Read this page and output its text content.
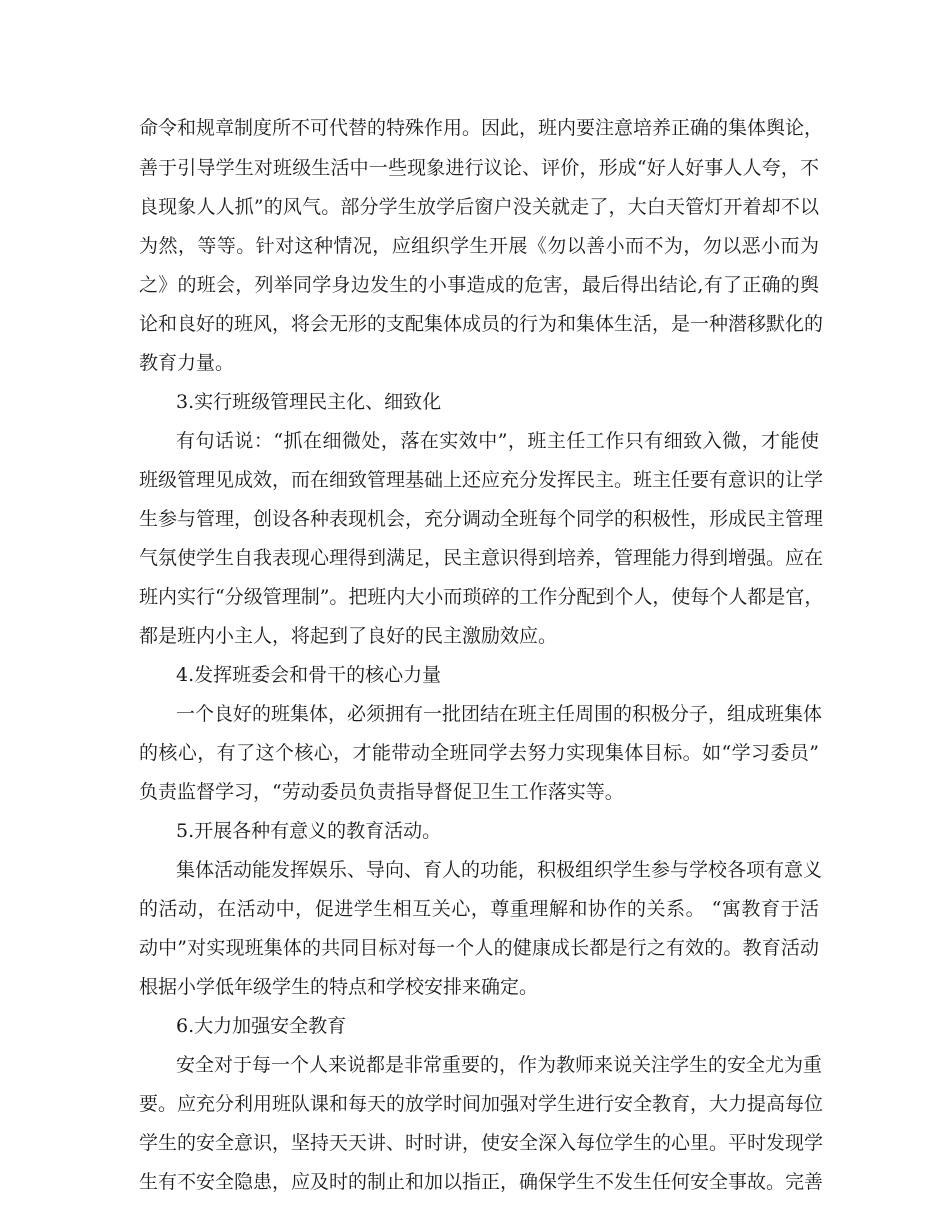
命令和规章制度所不可代替的特殊作用。因此，班内要注意培养正确的集体舆论，
善于引导学生对班级生活中一些现象进行议论、评价，形成“好人好事人人夸，不
良现象人人抓”的风气。部分学生放学后窗户没关就走了，大白天管灯开着却不以
为然，等等。针对这种情况，应组织学生开展《勿以善小而不为，勿以恶小而为
之》的班会，列举同学身边发生的小事造成的危害，最后得出结论,有了正确的舆
论和良好的班风，将会无形的支配集体成员的行为和集体生活，是一种潜移默化的
教育力量。
3.实行班级管理民主化、细致化
有句话说：“抓在细微处，落在实效中”，班主任工作只有细致入微，才能使
班级管理见成效，而在细致管理基础上还应充分发挥民主。班主任要有意识的让学
生参与管理，创设各种表现机会，充分调动全班每个同学的积极性，形成民主管理
气氛使学生自我表现心理得到满足，民主意识得到培养，管理能力得到增强。应在
班内实行“分级管理制”。把班内大小而琐碎的工作分配到个人，使每个人都是官，
都是班内小主人，将起到了良好的民主激励效应。
4.发挥班委会和骨干的核心力量
一个良好的班集体，必须拥有一批团结在班主任周围的积极分子，组成班集体
的核心，有了这个核心，才能带动全班同学去努力实现集体目标。如“学习委员”
负责监督学习，“劳动委员负责指导督促卫生工作落实等。
5.开展各种有意义的教育活动。
集体活动能发挥娱乐、导向、育人的功能，积极组织学生参与学校各项有意义
的活动，在活动中，促进学生相互关心，尊重理解和协作的关系。 “寓教育于活
动中”对实现班集体的共同目标对每一个人的健康成长都是行之有效的。教育活动
根据小学低年级学生的特点和学校安排来确定。
6.大力加强安全教育
安全对于每一个人来说都是非常重要的，作为教师来说关注学生的安全尤为重
要。应充分利用班队课和每天的放学时间加强对学生进行安全教育，大力提高每位
学生的安全意识，坚持天天讲、时时讲，使安全深入每位学生的心里。平时发现学
生有不安全隐患，应及时的制止和加以指正，确保学生不发生任何安全事故。完善
